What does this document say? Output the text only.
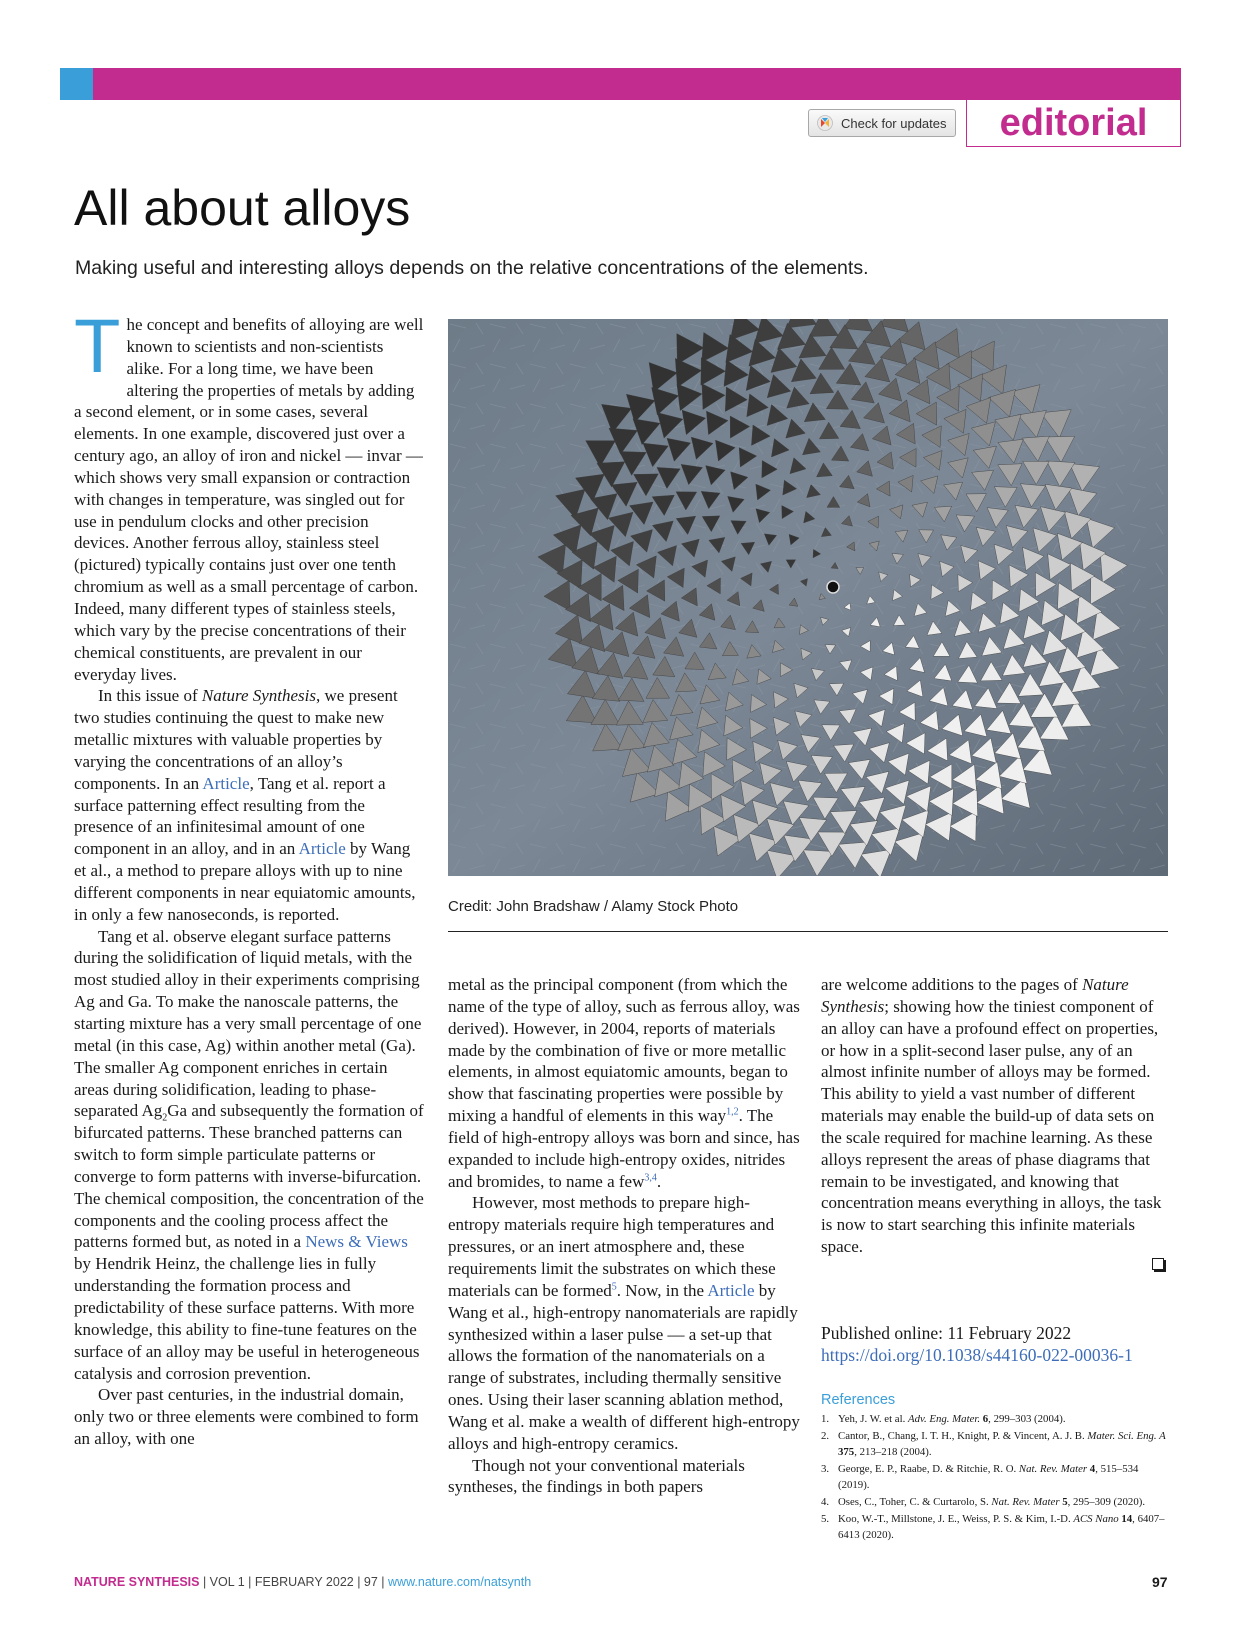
Check for updates editorial
All about alloys
Making useful and interesting alloys depends on the relative concentrations of the elements.

The concept and benefits of alloying are well known to scientists and non-scientists alike. For a long time, we have been altering the properties of metals by adding a second element, or in some cases, several elements. In one example, discovered just over a century ago, an alloy of iron and nickel — invar — which shows very small expansion or contraction with changes in temperature, was singled out for use in pendulum clocks and other precision devices. Another ferrous alloy, stainless steel (pictured) typically contains just over one tenth chromium as well as a small percentage of carbon. Indeed, many different types of stainless steels, which vary by the precise concentrations of their chemical constituents, are prevalent in our everyday lives.

In this issue of Nature Synthesis, we present two studies continuing the quest to make new metallic mixtures with valuable properties by varying the concentrations of an alloy’s components. In an Article, Tang et al. report a surface patterning effect resulting from the presence of an infinitesimal amount of one component in an alloy, and in an Article by Wang et al., a method to prepare alloys with up to nine different components in near equiatomic amounts, in only a few nanoseconds, is reported.

Tang et al. observe elegant surface patterns during the solidification of liquid metals, with the most studied alloy in their experiments comprising Ag and Ga. To make the nanoscale patterns, the starting mixture has a very small percentage of one metal (in this case, Ag) within another metal (Ga). The smaller Ag component enriches in certain areas during solidification, leading to phase-separated $Ag_2Ga$ and subsequently the formation of bifurcated patterns. These branched patterns can switch to form simple particulate patterns or converge to form patterns with inverse-bifurcation. The chemical composition, the concentration of the components and the cooling process affect the patterns formed but, as noted in a News & Views by Hendrik Heinz, the challenge lies in fully understanding the formation process and predictability of these surface patterns. With more knowledge, this ability to fine-tune features on the surface of an alloy may be useful in heterogeneous catalysis and corrosion prevention.

Over past centuries, in the industrial domain, only two or three elements were combined to form an alloy, with one

Credit: John Bradshaw / Alamy Stock Photo

metal as the principal component (from which the name of the type of alloy, such as ferrous alloy, was derived). However, in 2004, reports of materials made by the combination of five or more metallic elements, in almost equiatomic amounts, began to show that fascinating properties were possible by mixing a handful of elements in this way$^{1,2}$. The field of high-entropy alloys was born and since, has expanded to include high-entropy oxides, nitrides and bromides, to name a few$^{3,4}$.

However, most methods to prepare high-entropy materials require high temperatures and pressures, or an inert atmosphere and, these requirements limit the substrates on which these materials can be formed$^5$. Now, in the Article by Wang et al., high-entropy nanomaterials are rapidly synthesized within a laser pulse — a set-up that allows the formation of the nanomaterials on a range of substrates, including thermally sensitive ones. Using their laser scanning ablation method, Wang et al. make a wealth of different high-entropy alloys and high-entropy ceramics.

Though not your conventional materials syntheses, the findings in both papers

are welcome additions to the pages of Nature Synthesis; showing how the tiniest component of an alloy can have a profound effect on properties, or how in a split-second laser pulse, any of an almost infinite number of alloys may be formed. This ability to yield a vast number of different materials may enable the build-up of data sets on the scale required for machine learning. As these alloys represent the areas of phase diagrams that remain to be investigated, and knowing that concentration means everything in alloys, the task is now to start searching this infinite materials space.

Published online: 11 February 2022
https://doi.org/10.1038/s44160-022-00036-1
References

1. Yeh, J. W. et al. Adv. Eng. Mater. 6, 299–303 (2004).

2. Cantor, B., Chang, I. T. H., Knight, P. & Vincent, A. J. B. Mater. Sci. Eng. A 375, 213–218 (2004).

3. George, E. P., Raabe, D. & Ritchie, R. O. Nat. Rev. Mater 4, 515–534 (2019).

4. Oses, C., Toher, C. & Curtarolo, S. Nat. Rev. Mater 5, 295–309 (2020).

5. Koo, W.-T., Millstone, J. E., Weiss, P. S. & Kim, I.-D. ACS Nano 14, 6407–6413 (2020).

NATURE SYNTHESIS | VOL 1 | FEBRUARY 2022 | 97 | www.nature.com/natsynth	97
